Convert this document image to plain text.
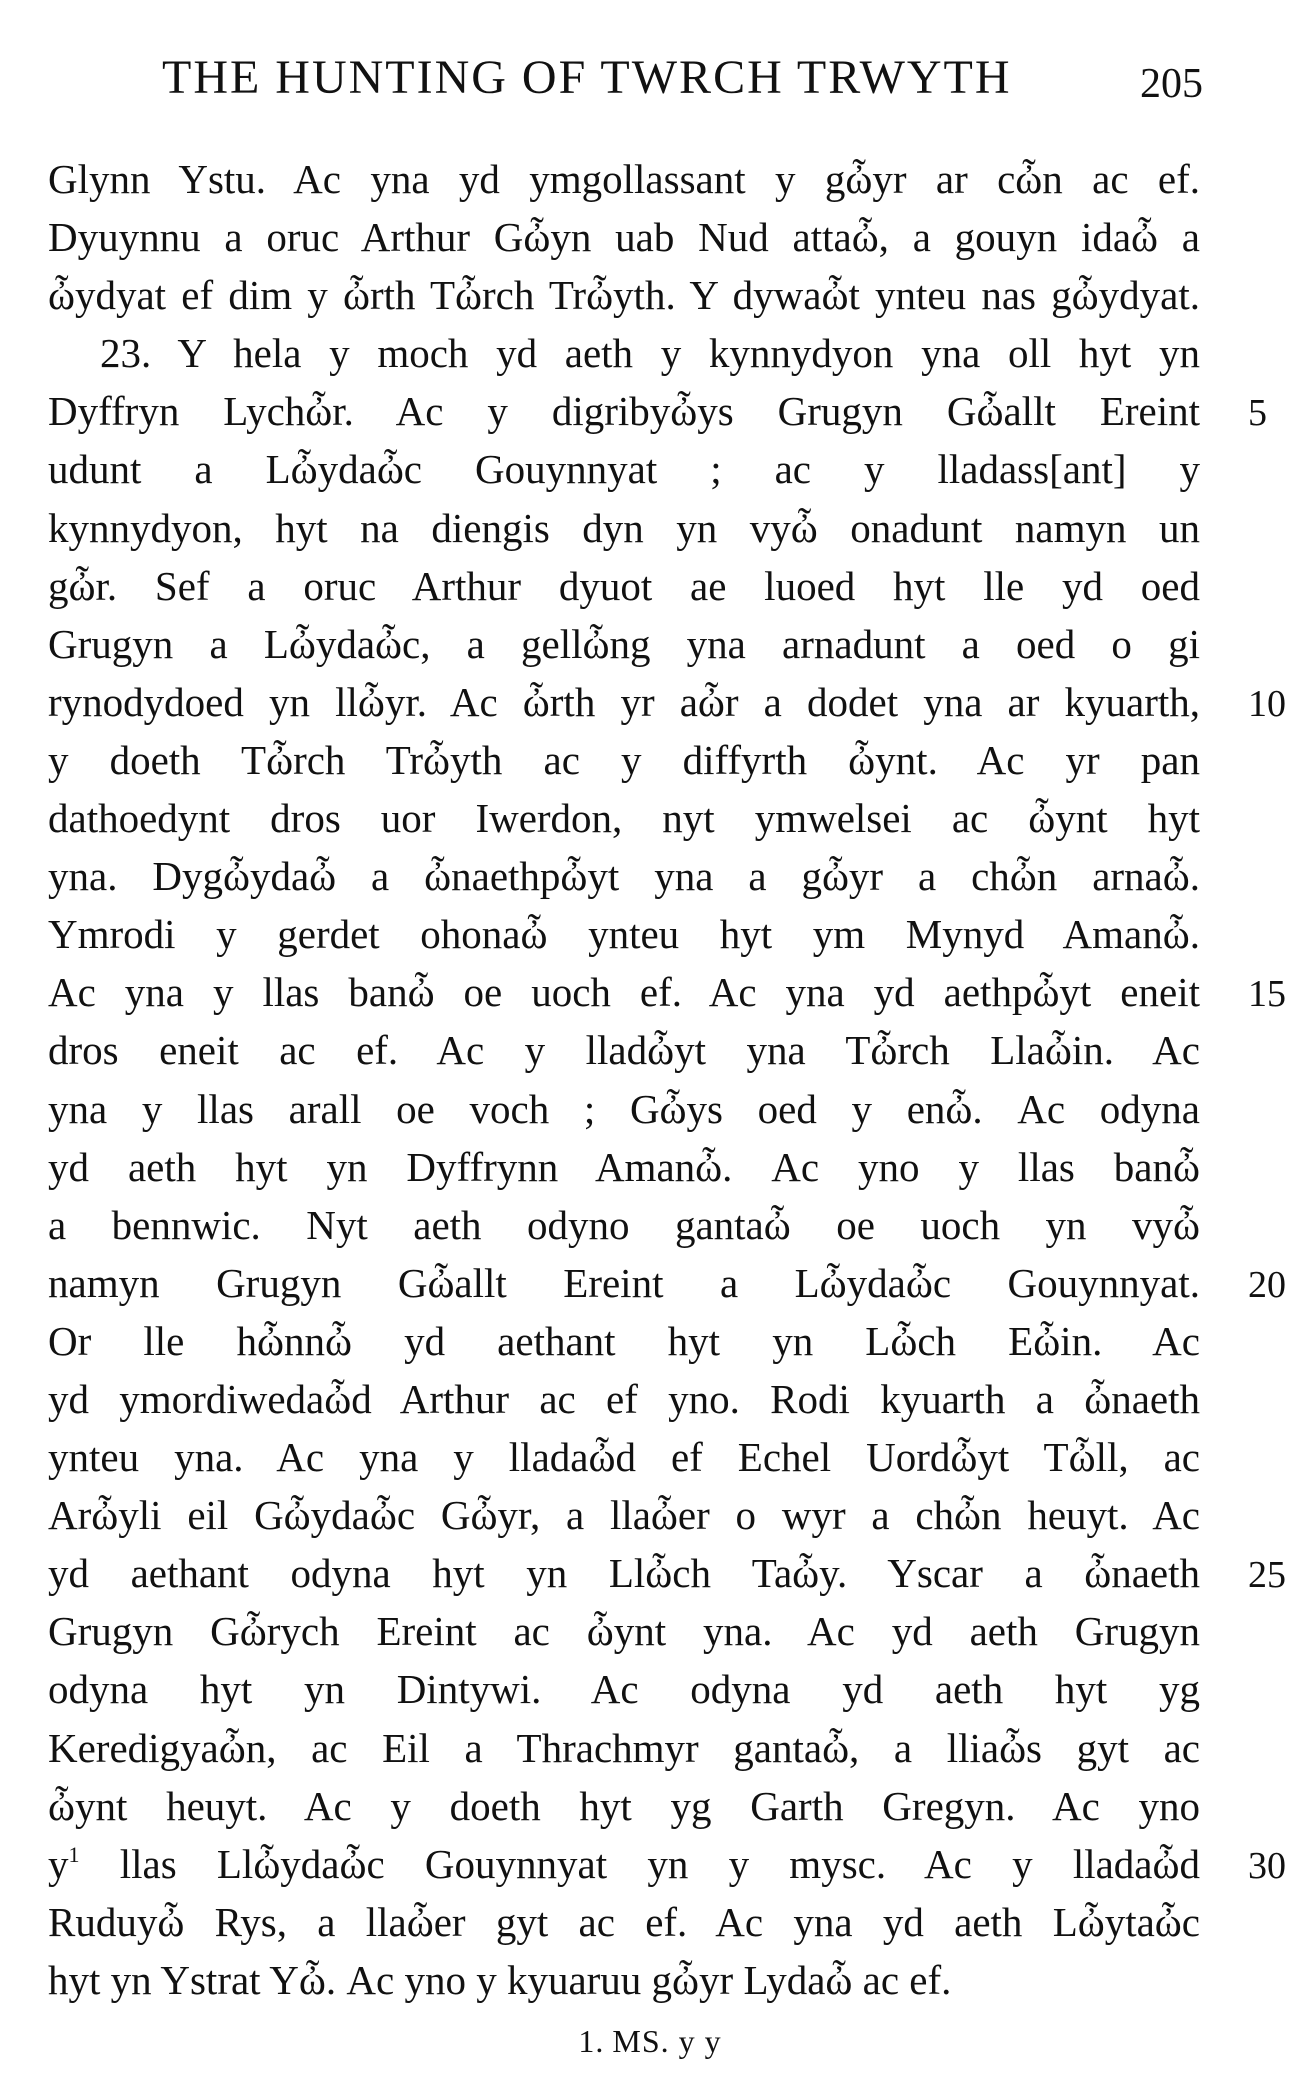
THE HUNTING OF TWRCH TRWYTH	205
Glynn Ystu. Ac yna yd ymgollassant y gὦyr ar cὦn ac ef.
Dyuynnu a oruc Arthur Gὦyn uab Nud attaὦ, a gouyn idaὦ a
ὦydyat ef dim y ὦrth Tὦrch Trὦyth. Y dywaὦt ynteu nas gὦydyat.
23. Y hela y moch yd aeth y kynnydyon yna oll hyt yn
Dyffryn Lychὦr. Ac y digribyὦys Grugyn Gὦallt Ereint 5
udunt a Lὦydaὦc Gouynnyat ; ac y lladass[ant] y
kynnydyon, hyt na diengis dyn yn vyὦ onadunt namyn un
gὦr. Sef a oruc Arthur dyuot ae luoed hyt lle yd oed
Grugyn a Lὦydaὦc, a gellὦng yna arnadunt a oed o gi
rynodydoed yn llὦyr. Ac ὦrth yr aὦr a dodet yna ar kyuarth, 10
y doeth Tὦrch Trὦyth ac y diffyrth ὦynt. Ac yr pan
dathoedynt dros uor Iwerdon, nyt ymwelsei ac ὦynt hyt
yna. Dygὦydaὦ a ὦnaethpὦyt yna a gὦyr a chὦn arnaὦ.
Ymrodi y gerdet ohonaὦ ynteu hyt ym Mynyd Amanὦ.
Ac yna y llas banὦ oe uoch ef. Ac yna yd aethpὦyt eneit 15
dros eneit ac ef. Ac y lladὦyt yna Tὦrch Llaὦin. Ac
yna y llas arall oe voch ; Gὦys oed y enὦ. Ac odyna
yd aeth hyt yn Dyffrynn Amanὦ. Ac yno y llas banὦ
a bennwic. Nyt aeth odyno gantaὦ oe uoch yn vyὦ
namyn Grugyn Gὦallt Ereint a Lὦydaὦc Gouynnyat. 20
Or lle hὦnnὦ yd aethant hyt yn Lὦch Eὦin. Ac
yd ymordiwedaὦd Arthur ac ef yno. Rodi kyuarth a ὦnaeth
ynteu yna. Ac yna y lladaὦd ef Echel Uordὦyt Tὦll, ac
Arὦyli eil Gὦydaὦc Gὦyr, a llaὦer o wyr a chὦn heuyt. Ac
yd aethant odyna hyt yn Llὦch Taὦy. Yscar a ὦnaeth 25
Grugyn Gὦrych Ereint ac ὦynt yna. Ac yd aeth Grugyn
odyna hyt yn Dintywi. Ac odyna yd aeth hyt yg
Keredigyaὦn, ac Eil a Thrachmyr gantaὦ, a lliaὦs gyt ac
ὦynt heuyt. Ac y doeth hyt yg Garth Gregyn. Ac yno
$y^1$ llas Llὦydaὦc Gouynnyat yn y mysc. Ac y lladaὦd 30
Ruduyὦ Rys, a llaὦer gyt ac ef. Ac yna yd aeth Lὦytaὦc
hyt yn Ystrat Yὦ. Ac yno y kyuaruu gὦyr Lydaὦ ac ef.
1. MS. y y
